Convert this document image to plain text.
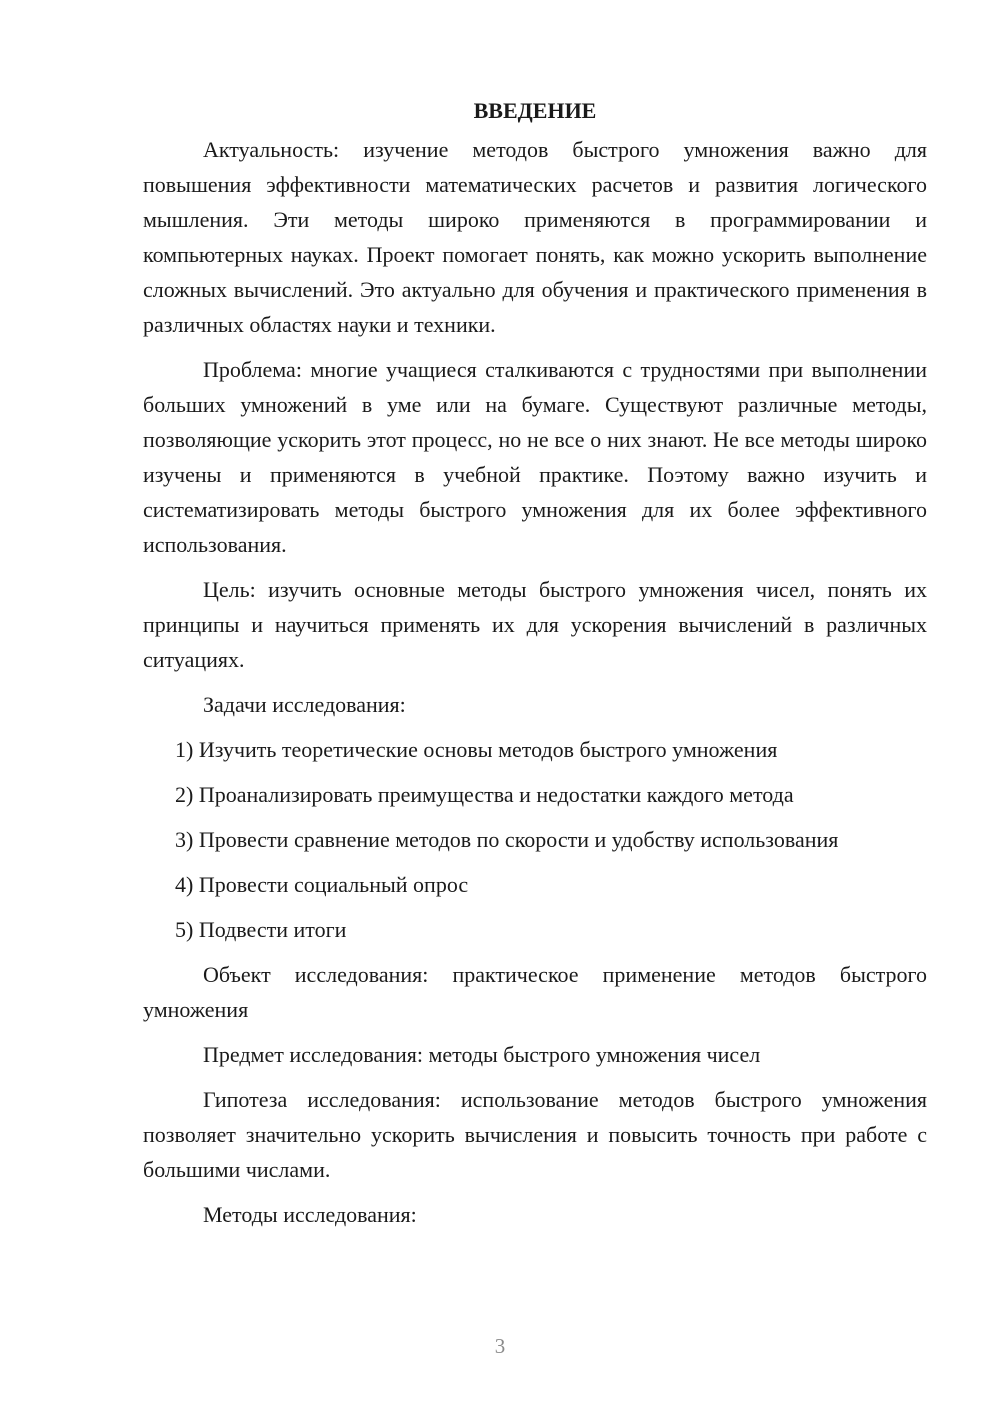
ВВЕДЕНИЕ

Актуальность: изучение методов быстрого умножения важно для повышения эффективности математических расчетов и развития логического мышления. Эти методы широко применяются в программировании и компьютерных науках. Проект помогает понять, как можно ускорить выполнение сложных вычислений. Это актуально для обучения и практического применения в различных областях науки и техники.

Проблема: многие учащиеся сталкиваются с трудностями при выполнении больших умножений в уме или на бумаге. Существуют различные методы, позволяющие ускорить этот процесс, но не все о них знают. Не все методы широко изучены и применяются в учебной практике. Поэтому важно изучить и систематизировать методы быстрого умножения для их более эффективного использования.

Цель: изучить основные методы быстрого умножения чисел, понять их принципы и научиться применять их для ускорения вычислений в различных ситуациях.

Задачи исследования:

1) Изучить теоретические основы методов быстрого умножения
2) Проанализировать преимущества и недостатки каждого метода
3) Провести сравнение методов по скорости и удобству использования
4) Провести социальный опрос
5) Подвести итоги

Объект исследования: практическое применение методов быстрого умножения

Предмет исследования: методы быстрого умножения чисел

Гипотеза исследования: использование методов быстрого умножения позволяет значительно ускорить вычисления и повысить точность при работе с большими числами.

Методы исследования:

3
